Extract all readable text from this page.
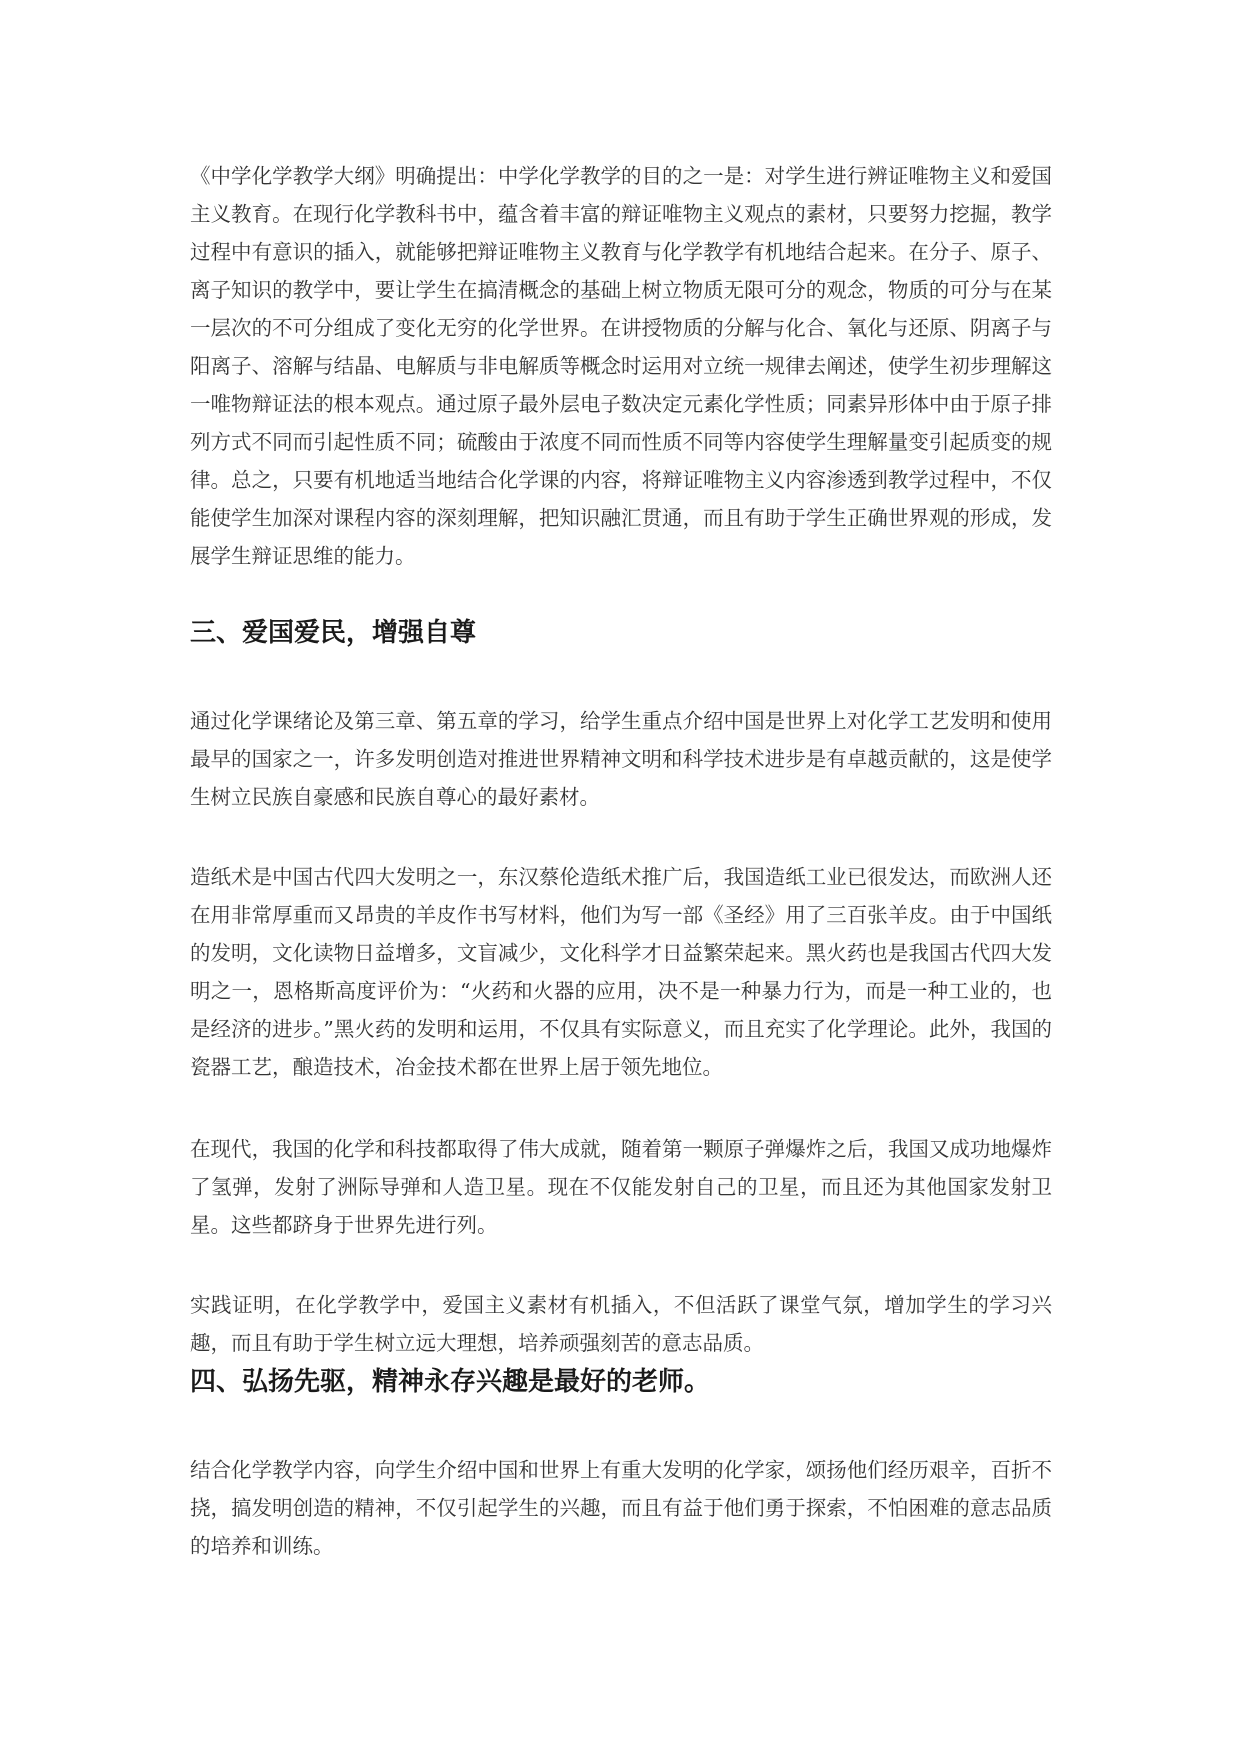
《中学化学教学大纲》明确提出：中学化学教学的目的之一是：对学生进行辨证唯物主义和爱国主义教育。在现行化学教科书中，蕴含着丰富的辩证唯物主义观点的素材，只要努力挖掘，教学过程中有意识的插入，就能够把辩证唯物主义教育与化学教学有机地结合起来。在分子、原子、离子知识的教学中，要让学生在搞清概念的基础上树立物质无限可分的观念，物质的可分与在某一层次的不可分组成了变化无穷的化学世界。在讲授物质的分解与化合、氧化与还原、阴离子与阳离子、溶解与结晶、电解质与非电解质等概念时运用对立统一规律去阐述，使学生初步理解这一唯物辩证法的根本观点。通过原子最外层电子数决定元素化学性质；同素异形体中由于原子排列方式不同而引起性质不同；硫酸由于浓度不同而性质不同等内容使学生理解量变引起质变的规律。总之，只要有机地适当地结合化学课的内容，将辩证唯物主义内容渗透到教学过程中，不仅能使学生加深对课程内容的深刻理解，把知识融汇贯通，而且有助于学生正确世界观的形成，发展学生辩证思维的能力。

三、爱国爱民，增强自尊

通过化学课绪论及第三章、第五章的学习，给学生重点介绍中国是世界上对化学工艺发明和使用最早的国家之一，许多发明创造对推进世界精神文明和科学技术进步是有卓越贡献的，这是使学生树立民族自豪感和民族自尊心的最好素材。

造纸术是中国古代四大发明之一，东汉蔡伦造纸术推广后，我国造纸工业已很发达，而欧洲人还在用非常厚重而又昂贵的羊皮作书写材料，他们为写一部《圣经》用了三百张羊皮。由于中国纸的发明，文化读物日益增多，文盲减少，文化科学才日益繁荣起来。黑火药也是我国古代四大发明之一，恩格斯高度评价为：“火药和火器的应用，决不是一种暴力行为，而是一种工业的，也是经济的进步。”黑火药的发明和运用，不仅具有实际意义，而且充实了化学理论。此外，我国的瓷器工艺，酿造技术，冶金技术都在世界上居于领先地位。

在现代，我国的化学和科技都取得了伟大成就，随着第一颗原子弹爆炸之后，我国又成功地爆炸了氢弹，发射了洲际导弹和人造卫星。现在不仅能发射自己的卫星，而且还为其他国家发射卫星。这些都跻身于世界先进行列。

实践证明，在化学教学中，爱国主义素材有机插入，不但活跃了课堂气氛，增加学生的学习兴趣，而且有助于学生树立远大理想，培养顽强刻苦的意志品质。

四、弘扬先驱，精神永存兴趣是最好的老师。

结合化学教学内容，向学生介绍中国和世界上有重大发明的化学家，颂扬他们经历艰辛，百折不挠，搞发明创造的精神，不仅引起学生的兴趣，而且有益于他们勇于探索，不怕困难的意志品质的培养和训练。
